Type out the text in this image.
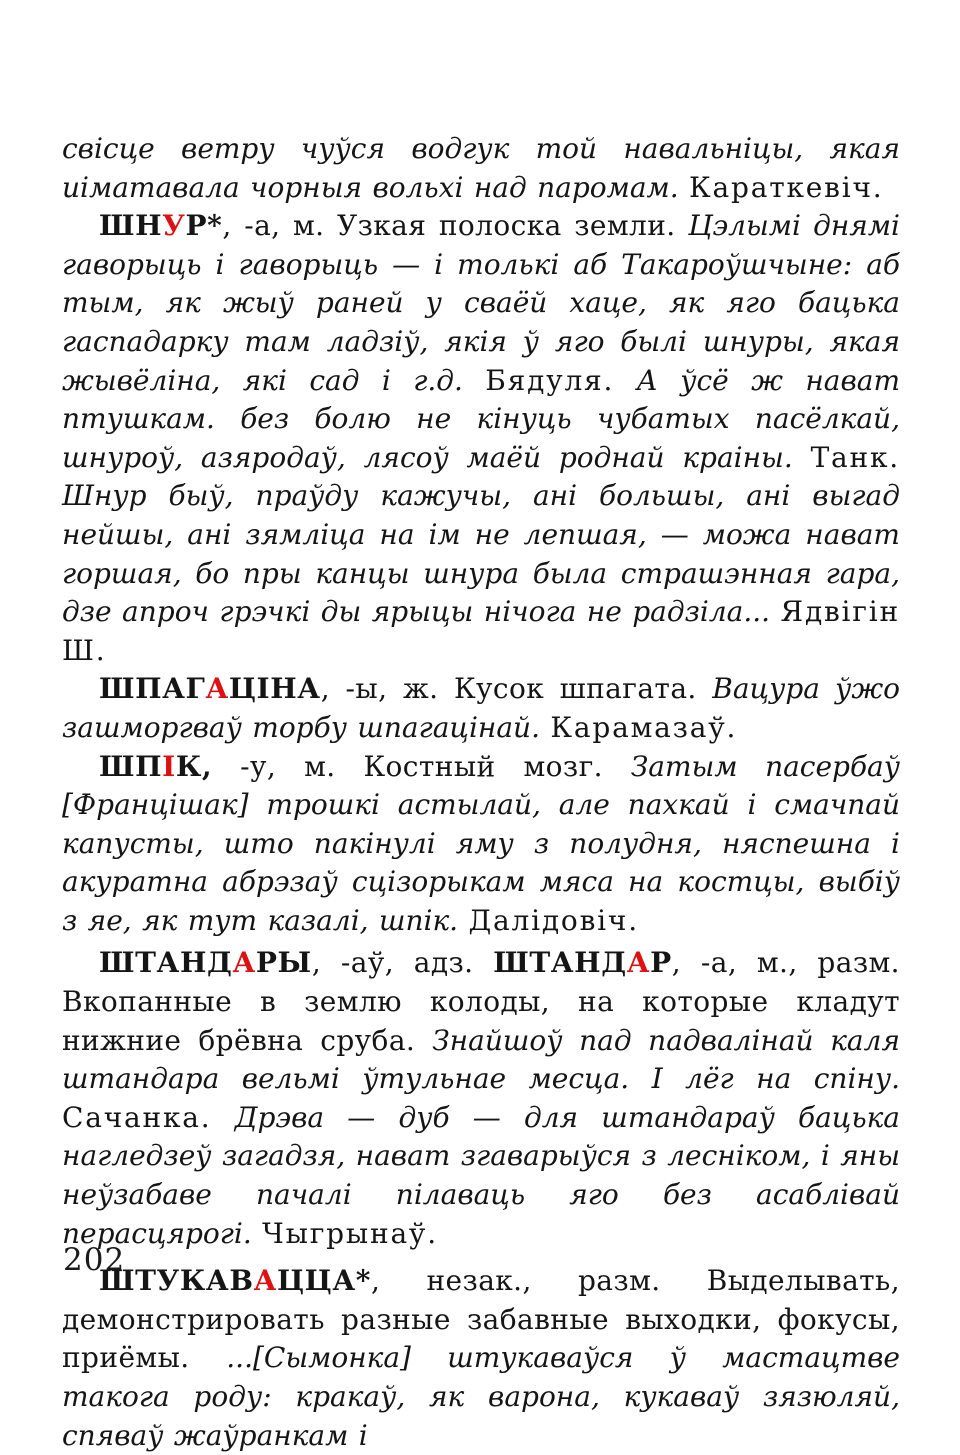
свісце ветру чуўся водгук той навальніцы, якая иіматавала чорныя вольхі над паромам. Караткевіч.

ШНУР*, -а, м. Узкая полоска земли. Цэлымі днямі гаворыць і гаворыць — і толькі аб Такароўшчыне: аб тым, як жыў раней у сваёй хаце, як яго бацька гаспадарку там ладзіў, якія ў яго былі шнуры, якая жывёліна, які сад і г.д. Бядуля. А ўсё ж нават птушкам. без болю не кінуць чубатых пасёлкай, шнуроў, азяродаў, лясоў маёй роднай краіны. Танк. Шнур быў, праўду кажучы, ані большы, ані выгад нейшы, ані зямліца на ім не лепшая, — можа нават горшая, бо пры канцы шнура была страшэнная гара, дзе апроч грэчкі ды ярыцы нічога не радзіла... Ядвігін Ш.

ШПАГАЦІНА, -ы, ж. Кусок шпагата. Вацура ўжо зашморгваў торбу шпагацінай. Карамазаў.

ШПІК, -у, м. Костный мозг. Затым пасербаў [Францішак] трошкі астылай, але пахкай і смачпай капусты, што пакінулі яму з полудня, няспешна і акуратна абрэзаў сцізорыкам мяса на костцы, выбіў з яе, як тут казалі, шпік. Далідовіч.

ШТАНДАРЫ, -аў, адз. ШТАНДАР, -а, м., разм. Вкопанные в землю колоды, на которые кладут нижние брёвна сруба. Знайшоў пад падвалінай каля штандара вельмі ўтульнае месца. І лёг на спіну. Сачанка. Дрэва — дуб — для штандараў бацька нагледзеў загадзя, нават згаварыўся з лесніком, і яны неўзабаве пачалі пілаваць яго без асаблівай перасцярогі. Чыгрынаў.

ШТУКАВАЦЦА*, незак., разм. Выделывать, демонстрировать разные забавные выходки, фокусы, приёмы. ...[Сымонка] штукаваўся ў мастацтве такога роду: кракаў, як варона, кукаваў зязюляй, спяваў жаўранкам і

202
